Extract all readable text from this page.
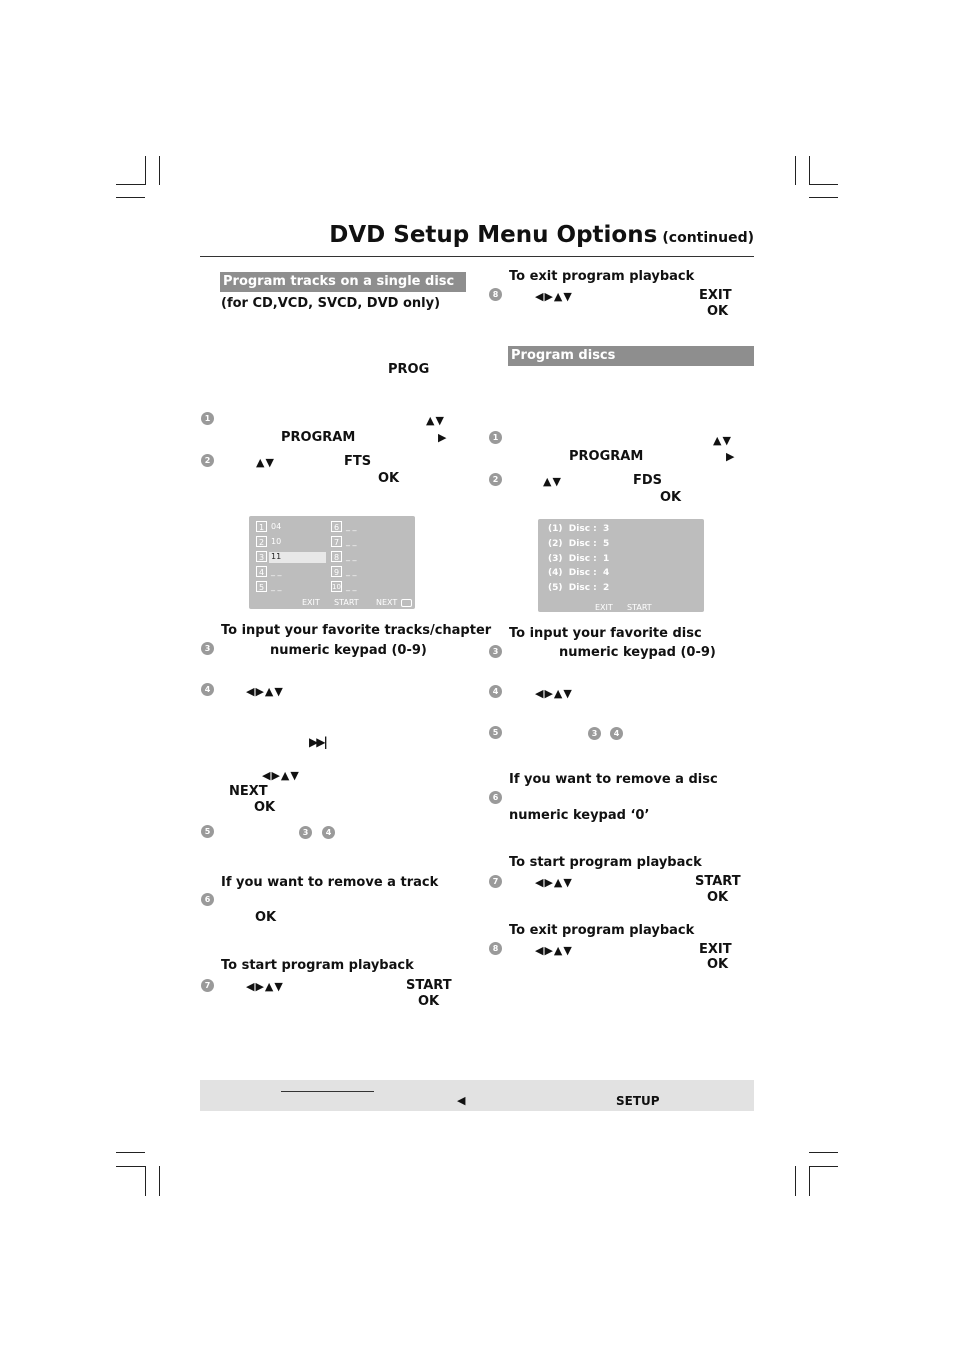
DVD Setup Menu Options (continued)
Program tracks on a single disc
(for CD,VCD, SVCD, DVD only)
PROG
1	▲▼
PROGRAM	▶
2	▲▼	FTS
OK
1 04
2 10
3 11
4 _ _
5 _ _
6 _ _
7 _ _
8 _ _
9 _ _
10 _ _
EXIT START NEXT
To input your favorite tracks/chapter
3	numeric keypad (0-9)
4	◀▶▲▼
▶▶|
◀▶▲▼
NEXT
OK
5	3	4
If you want to remove a track
6
OK
To start program playback
7	◀▶▲▼	START
OK
To exit program playback
8	◀▶▲▼	EXIT
OK
Program discs
1	▲▼
PROGRAM	▶
2	▲▼	FDS
OK
(1) Disc : 3
(2) Disc : 5
(3) Disc : 1
(4) Disc : 4
(5) Disc : 2
EXIT START
To input your favorite disc
3	numeric keypad (0-9)
4	◀▶▲▼
5	3	4
If you want to remove a disc
6
numeric keypad ‘0’
To start program playback
7	◀▶▲▼	START
OK
To exit program playback
8	◀▶▲▼	EXIT
OK
◀	SETUP
